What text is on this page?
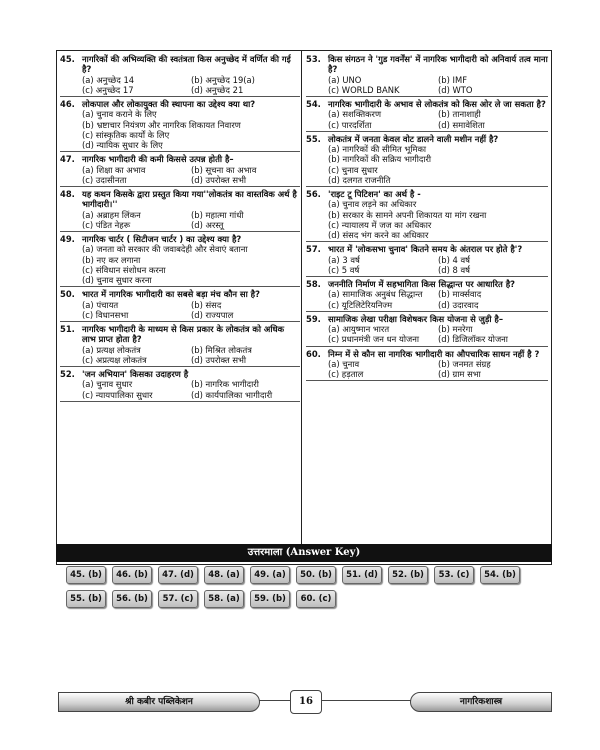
45. नागरिकों की अभिव्यक्ति की स्वतंत्रता किस अनुच्छेद में वर्णित की गई है?
(a) अनुच्छेद 14	(b) अनुच्छेद 19(a)
(c) अनुच्छेद 17	(d) अनुच्छेद 21
46. लोकपाल और लोकायुक्त की स्थापना का उद्देश्य क्या था?
(a) चुनाव कराने के लिए
(b) भ्रष्टाचार नियंत्रण और नागरिक शिकायत निवारण
(c) सांस्कृतिक कार्यों के लिए
(d) न्यायिक सुधार के लिए
47. नागरिक भागीदारी की कमी किससे उत्पन्न होती है–
(a) शिक्षा का अभाव	(b) सूचना का अभाव
(c) उदासीनता	(d) उपरोक्त सभी
48. यह कथन किसके द्वारा प्रस्तुत किया गया''लोकतंत्र का वास्तविक अर्थ है भागीदारी।''
(a) अब्राहम लिंकन	(b) महात्मा गांधी
(c) पंडित नेहरू	(d) अरस्तू
49. नागरिक चार्टर ( सिटीजन चार्टर ) का उद्देश्य क्या है?
(a) जनता को सरकार की जवाबदेही और सेवाएं बताना
(b) नए कर लगाना
(c) संविधान संशोधन करना
(d) चुनाव सुधार करना
50. भारत में नागरिक भागीदारी का सबसे बड़ा मंच कौन सा है?
(a) पंचायत	(b) संसद
(c) विधानसभा	(d) राज्यपाल
51. नागरिक भागीदारी के माध्यम से किस प्रकार के लोकतंत्र को अधिक लाभ प्राप्त होता है?
(a) प्रत्यक्ष लोकतंत्र	(b) मिश्रित लोकतंत्र
(c) अप्रत्यक्ष लोकतंत्र	(d) उपरोक्त सभी
52. 'जन अभियान' किसका उदाहरण है
(a) चुनाव सुधार	(b) नागरिक भागीदारी
(c) न्यायपालिका सुधार	(d) कार्यपालिका भागीदारी
53. किस संगठन ने 'गुड गवर्नेंस' में नागरिक भागीदारी को अनिवार्य तत्व माना है?
(a) UNO	(b) IMF
(c) WORLD BANK	(d) WTO
54. नागरिक भागीदारी के अभाव से लोकतंत्र को किस ओर ले जा सकता है?
(a) सशक्तिकरण	(b) तानाशाही
(c) पारदर्शिता	(d) समावेशिता
55. लोकतंत्र में जनता केवल वोट डालने वाली मशीन नहीं है?
(a) नागरिकों की सीमित भूमिका
(b) नागरिकों की सक्रिय भागीदारी
(c) चुनाव सुधार
(d) दलगत राजनीति
56. 'राइट टू पिटिशन' का अर्थ है -
(a) चुनाव लड़ने का अधिकार
(b) सरकार के सामने अपनी शिकायत या मांग रखना
(c) न्यायालय में जज का अधिकार
(d) संसद भंग करने का अधिकार
57. भारत में 'लोकसभा चुनाव' कितने समय के अंतराल पर होते है'?
(a) 3 वर्ष	(b) 4 वर्ष
(c) 5 वर्ष	(d) 8 वर्ष
58. जननीति निर्माण में सहभागिता किस सिद्धान्त पर आधारित है?
(a) सामाजिक अनुबंध सिद्धान्त	(b) मार्क्सवाद
(c) यूटिलिटेरियनिज्म	(d) उदारवाद
59. सामाजिक लेखा परीक्षा विशेषकर किस योजना से जुड़ी है–
(a) आयुष्मान भारत	(b) मनरेगा
(c) प्रधानमंत्री जन धन योजना	(d) डिजिलॉकर योजना
60. निम्न में से कौन सा नागरिक भागीदारी का औपचारिक साधन नहीं है ?
(a) चुनाव	(b) जनमत संग्रह
(c) हड़ताल	(d) ग्राम सभा
उत्तरमाला (Answer Key)
45. (b)	46. (b)	47. (d)	48. (a)	49. (a)	50. (b)	51. (d)	52. (b)	53. (c)	54. (b)
55. (b)	56. (b)	57. (c)	58. (a)	59. (b)	60. (c)
श्री कबीर पब्लिकेशन	16	नागरिकशास्त्र
